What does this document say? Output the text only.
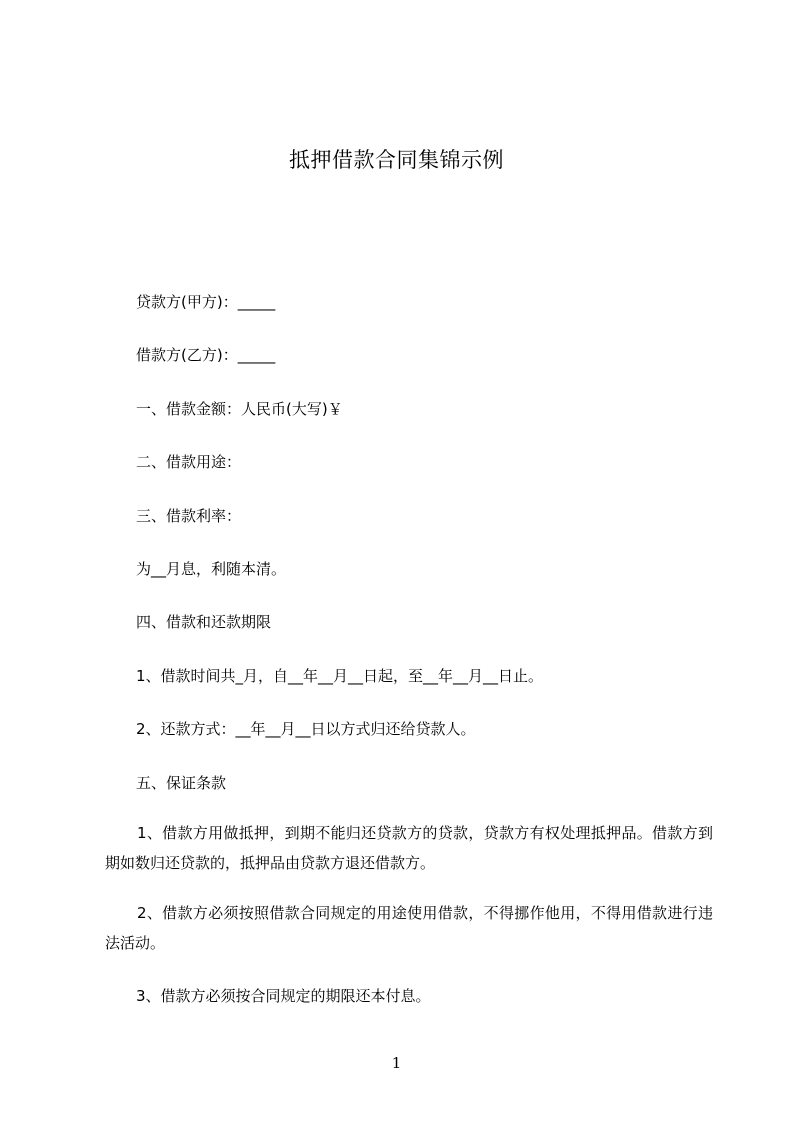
抵押借款合同集锦示例
贷款方(甲方)：_____
借款方(乙方)：_____
一、借款金额：人民币(大写)￥
二、借款用途：
三、借款利率：
为__月息，利随本清。
四、借款和还款期限
1、借款时间共_月，自__年__月__日起，至__年__月__日止。
2、还款方式：__年__月__日以方式归还给贷款人。
五、保证条款
1、借款方用做抵押，到期不能归还贷款方的贷款，贷款方有权处理抵押品。借款方到期如数归还贷款的，抵押品由贷款方退还借款方。
2、借款方必须按照借款合同规定的用途使用借款，不得挪作他用，不得用借款进行违法活动。
3、借款方必须按合同规定的期限还本付息。
1
